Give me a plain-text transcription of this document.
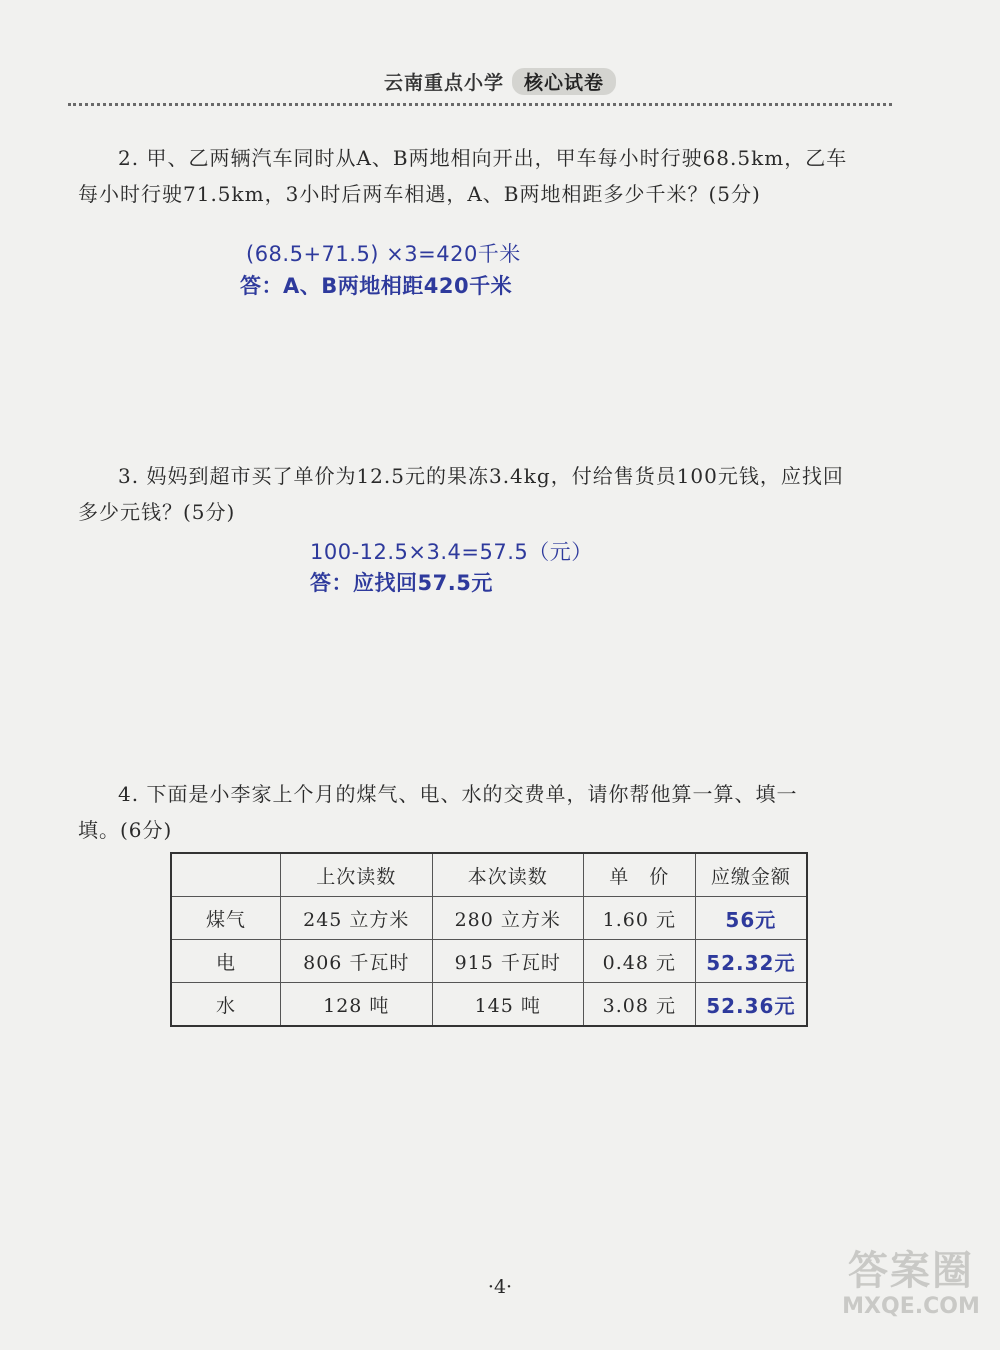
云南重点小学 核心试卷

2. 甲、乙两辆汽车同时从A、B两地相向开出，甲车每小时行驶68.5km，乙车

每小时行驶71.5km，3小时后两车相遇，A、B两地相距多少千米？(5分)

(68.5+71.5) ×3=420千米
答：A、B两地相距420千米

3. 妈妈到超市买了单价为12.5元的果冻3.4kg，付给售货员100元钱，应找回

多少元钱？(5分)

100-12.5×3.4=57.5（元）
答：应找回57.5元

4. 下面是小李家上个月的煤气、电、水的交费单，请你帮他算一算、填一

填。(6分)

	上次读数	本次读数	单　价	应缴金额
煤气	245 立方米	280 立方米	1.60 元	56元
电	806 千瓦时	915 千瓦时	0.48 元	52.32元
水	128 吨	145 吨	3.08 元	52.36元
·4·	答案圈
MXQE.COM
